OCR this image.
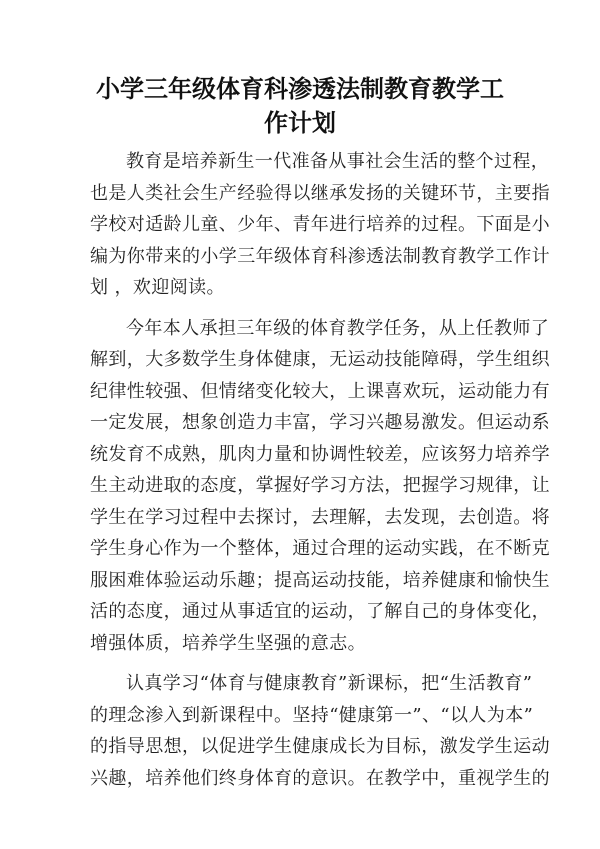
小学三年级体育科渗透法制教育教学工
作计划
教育是培养新生一代准备从事社会生活的整个过程，
也是人类社会生产经验得以继承发扬的关键环节，主要指
学校对适龄儿童、少年、青年进行培养的过程。下面是小
编为你带来的小学三年级体育科渗透法制教育教学工作计
划 ，欢迎阅读。
今年本人承担三年级的体育教学任务，从上任教师了
解到，大多数学生身体健康，无运动技能障碍，学生组织
纪律性较强、但情绪变化较大，上课喜欢玩，运动能力有
一定发展，想象创造力丰富，学习兴趣易激发。但运动系
统发育不成熟，肌肉力量和协调性较差，应该努力培养学
生主动进取的态度，掌握好学习方法，把握学习规律，让
学生在学习过程中去探讨，去理解，去发现，去创造。将
学生身心作为一个整体，通过合理的运动实践，在不断克
服困难体验运动乐趣；提高运动技能，培养健康和愉快生
活的态度，通过从事适宜的运动，了解自己的身体变化，
增强体质，培养学生坚强的意志。
认真学习“体育与健康教育”新课标，把“生活教育”
的理念渗入到新课程中。坚持“健康第一”、“以人为本”
的指导思想，以促进学生健康成长为目标，激发学生运动
兴趣，培养他们终身体育的意识。在教学中，重视学生的
